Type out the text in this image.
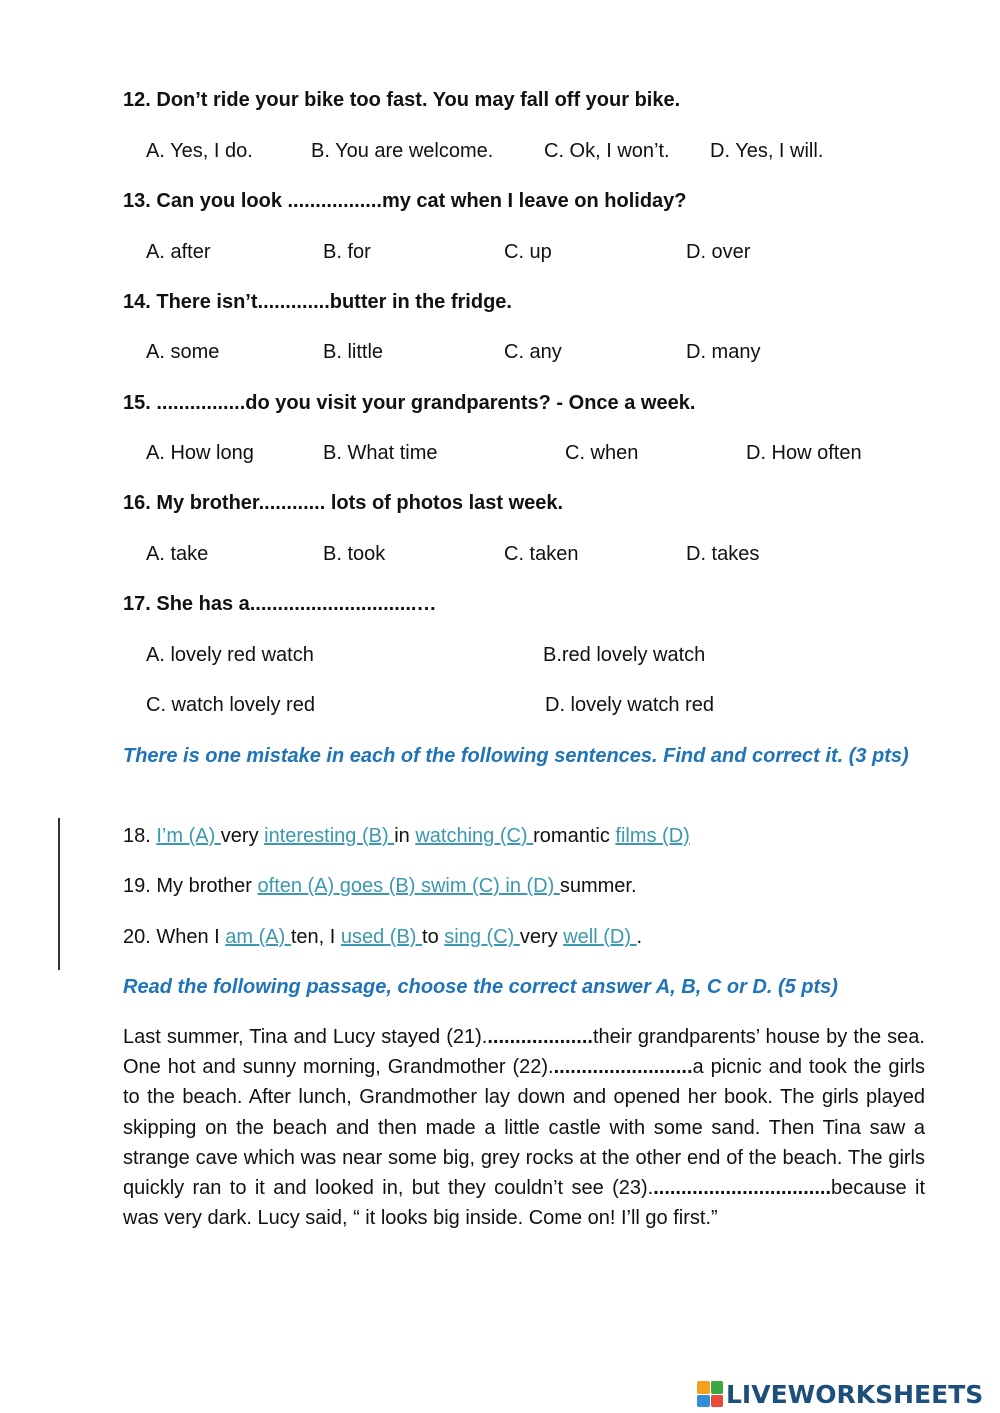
12. Don’t ride your bike too fast. You may fall off your bike.
A. Yes, I do.	B. You are welcome.	C. Ok, I won’t. D. Yes, I will.
13. Can you look .................my cat when I leave on holiday?
A. after	B. for	C. up	D. over
14. There isn’t.............butter in the fridge.
A. some	B. little	C. any	D. many
15. ................do you visit your grandparents? - Once a week.
A. How long	B. What time	C. when	D. How often
16. My brother............ lots of photos last week.
A. take	B. took	C. taken	D. takes
17. She has a..............................…
A. lovely red watch	B.red lovely watch
C. watch lovely red	D. lovely watch red
There is one mistake in each of the following sentences. Find and correct it. (3 pts)
18. I’m (A) very interesting (B) in watching (C) romantic films (D)
19. My brother often (A) goes (B) swim (C) in (D) summer.
20. When I am (A) ten, I used (B) to sing (C) very well (D) .
Read the following passage, choose the correct answer A, B, C or D. (5 pts)
Last summer, Tina and Lucy stayed (21)....................their grandparents’ house by the sea. One hot and sunny morning, Grandmother (22)..........................a picnic and took the girls to the beach. After lunch, Grandmother lay down and opened her book. The girls played skipping on the beach and then made a little castle with some sand. Then Tina saw a strange cave which was near some big, grey rocks at the other end of the beach. The girls quickly ran to it and looked in, but they couldn’t see (23).................................because it was very dark. Lucy said, “ it looks big inside. Come on! I’ll go first.”
LIVEWORKSHEETS
